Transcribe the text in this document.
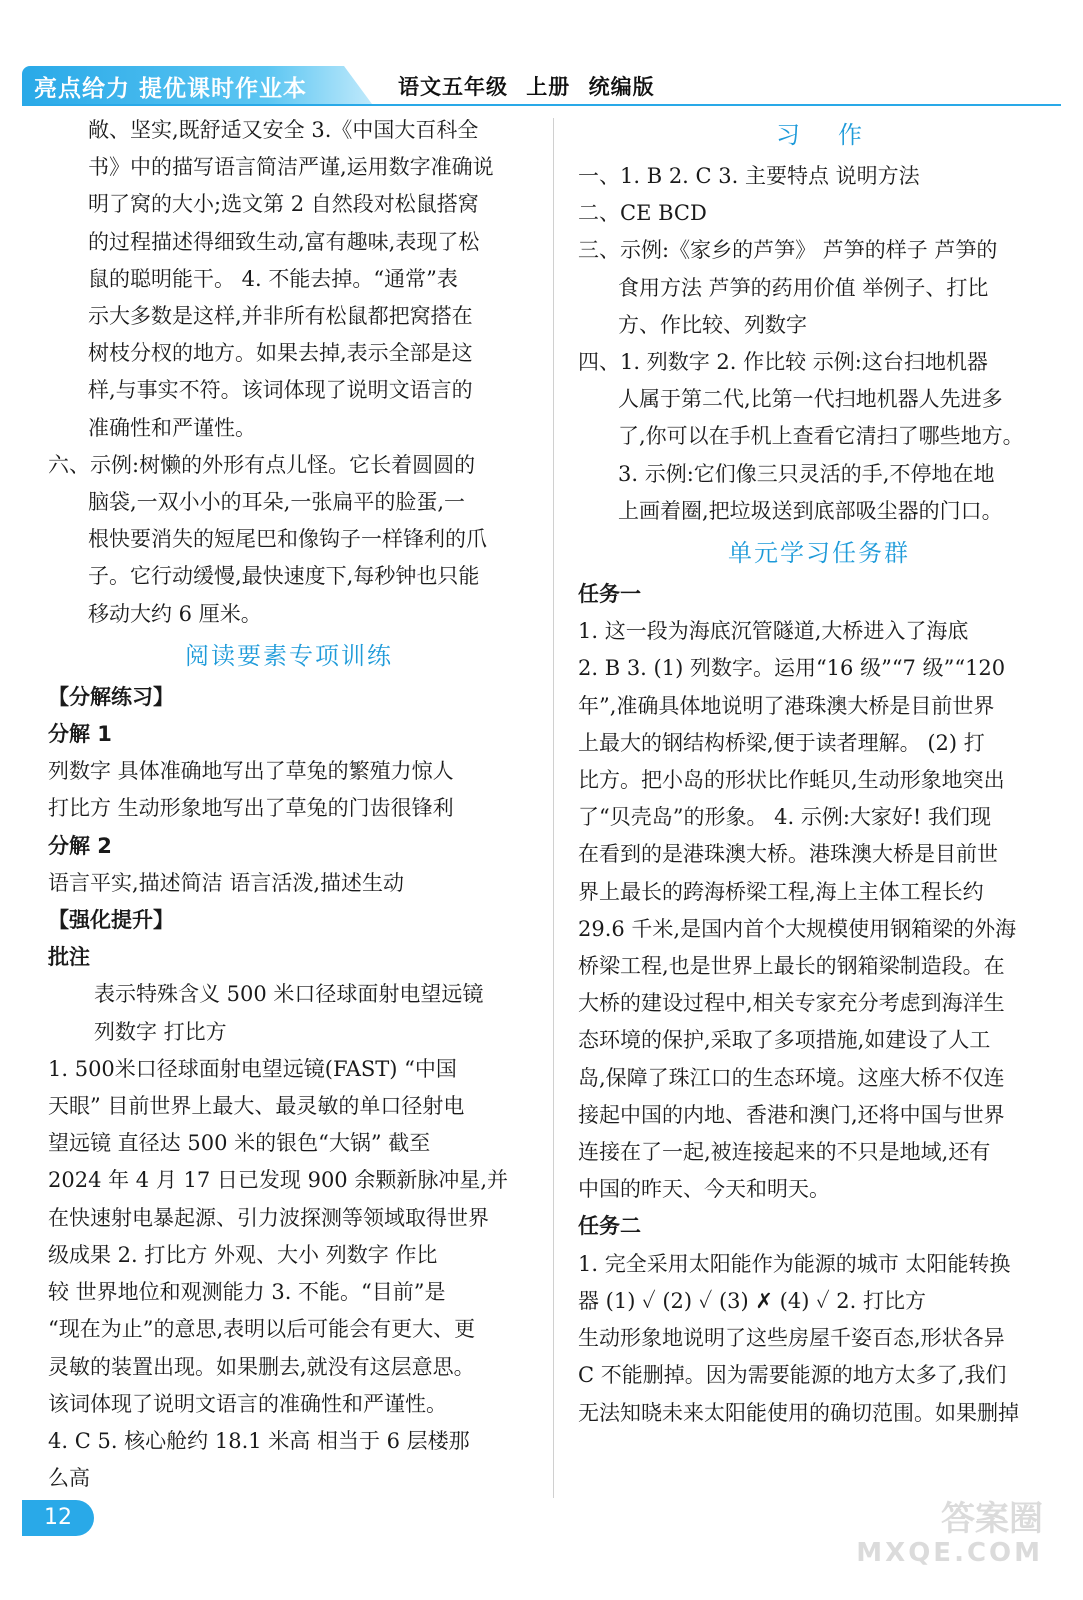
亮点给力 提优课时作业本	语文五年级 上册 统编版

敞、坚实,既舒适又安全 3.《中国大百科全

书》中的描写语言简洁严谨,运用数字准确说

明了窝的大小;选文第 2 自然段对松鼠搭窝

的过程描述得细致生动,富有趣味,表现了松

鼠的聪明能干。 4. 不能去掉。“通常”表

示大多数是这样,并非所有松鼠都把窝搭在

树枝分杈的地方。如果去掉,表示全部是这

样,与事实不符。该词体现了说明文语言的

准确性和严谨性。

六、示例:树懒的外形有点儿怪。它长着圆圆的

脑袋,一双小小的耳朵,一张扁平的脸蛋,一

根快要消失的短尾巴和像钩子一样锋利的爪

子。它行动缓慢,最快速度下,每秒钟也只能

移动大约 6 厘米。

阅读要素专项训练

【分解练习】

分解 1

列数字 具体准确地写出了草兔的繁殖力惊人

打比方 生动形象地写出了草兔的门齿很锋利

分解 2

语言平实,描述简洁 语言活泼,描述生动

【强化提升】

批注

表示特殊含义 500 米口径球面射电望远镜

列数字 打比方

1. 500米口径球面射电望远镜(FAST) “中国

天眼” 目前世界上最大、最灵敏的单口径射电

望远镜 直径达 500 米的银色“大锅” 截至

2024 年 4 月 17 日已发现 900 余颗新脉冲星,并

在快速射电暴起源、引力波探测等领域取得世界

级成果 2. 打比方 外观、大小 列数字 作比

较 世界地位和观测能力 3. 不能。“目前”是

“现在为止”的意思,表明以后可能会有更大、更

灵敏的装置出现。如果删去,就没有这层意思。

该词体现了说明文语言的准确性和严谨性。

4. C 5. 核心舱约 18.1 米高 相当于 6 层楼那

么高

习作

一、1. B 2. C 3. 主要特点 说明方法

二、CE BCD

三、示例:《家乡的芦笋》 芦笋的样子 芦笋的

食用方法 芦笋的药用价值 举例子、打比

方、作比较、列数字

四、1. 列数字 2. 作比较 示例:这台扫地机器

人属于第二代,比第一代扫地机器人先进多

了,你可以在手机上查看它清扫了哪些地方。

3. 示例:它们像三只灵活的手,不停地在地

上画着圈,把垃圾送到底部吸尘器的门口。

单元学习任务群

任务一

1. 这一段为海底沉管隧道,大桥进入了海底

2. B 3. (1) 列数字。运用“16 级”“7 级”“120

年”,准确具体地说明了港珠澳大桥是目前世界

上最大的钢结构桥梁,便于读者理解。 (2) 打

比方。把小岛的形状比作蚝贝,生动形象地突出

了“贝壳岛”的形象。 4. 示例:大家好! 我们现

在看到的是港珠澳大桥。港珠澳大桥是目前世

界上最长的跨海桥梁工程,海上主体工程长约

29.6 千米,是国内首个大规模使用钢箱梁的外海

桥梁工程,也是世界上最长的钢箱梁制造段。在

大桥的建设过程中,相关专家充分考虑到海洋生

态环境的保护,采取了多项措施,如建设了人工

岛,保障了珠江口的生态环境。这座大桥不仅连

接起中国的内地、香港和澳门,还将中国与世界

连接在了一起,被连接起来的不只是地域,还有

中国的昨天、今天和明天。

任务二

1. 完全采用太阳能作为能源的城市 太阳能转换

器 (1) ✓ (2) ✓ (3) ✗ (4) ✓ 2. 打比方

生动形象地说明了这些房屋千姿百态,形状各异

C 不能删掉。因为需要能源的地方太多了,我们

无法知晓未来太阳能使用的确切范围。如果删掉

12	答案圈
MXQE.COM
